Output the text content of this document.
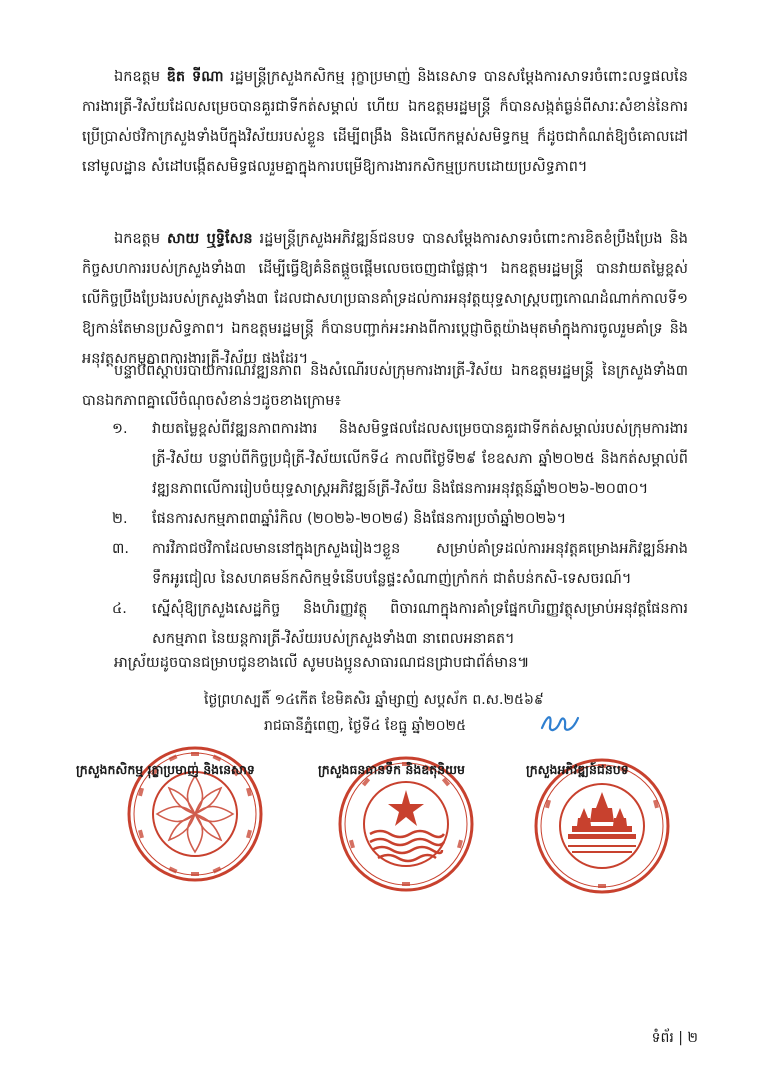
ឯកឧត្តម ឌិត ទីណា រដ្ឋមន្ត្រីក្រសួងកសិកម្ម រុក្ខាប្រមាញ់ និងនេសាទ បានសម្តែងការសាទរចំពោះលទ្ធផលនៃការងារត្រី-វិស័យដែលសម្រេចបានគួរជាទីកត់សម្គាល់ ហើយ ឯកឧត្តមរដ្ឋមន្ត្រី ក៏បានសង្កត់ធ្ងន់ពីសារៈសំខាន់នៃការប្រើប្រាស់ថវិកាក្រសួងទាំងបីក្នុងវិស័យរបស់ខ្លួន ដើម្បីពង្រឹង និងលើកកម្ពស់សមិទ្ធកម្ម ក៏ដូចជាកំណត់ឱ្យចំគោលដៅនៅមូលដ្ឋាន សំដៅបង្កើតសមិទ្ធផលរួមគ្នាក្នុងការបម្រើឱ្យការងារកសិកម្មប្រកបដោយប្រសិទ្ធភាព។

ឯកឧត្តម សាយ ឬទ្ធិសែន រដ្ឋមន្ត្រីក្រសួងអភិវឌ្ឍន៍ជនបទ បានសម្តែងការសាទរចំពោះការខិតខំប្រឹងប្រែង និងកិច្ចសហការរបស់ក្រសួងទាំង៣ ដើម្បីធ្វើឱ្យគំនិតផ្តួចផ្តើមលេចចេញជាផ្លែផ្កា។ ឯកឧត្តមរដ្ឋមន្ត្រី បានវាយតម្លៃខ្ពស់លើកិច្ចប្រឹងប្រែងរបស់ក្រសួងទាំង៣ ដែលជាសហប្រធានគាំទ្រដល់ការអនុវត្តយុទ្ធសាស្ត្របញ្ចកោណដំណាក់កាលទី១ ឱ្យកាន់តែមានប្រសិទ្ធភាព។ ឯកឧត្តមរដ្ឋមន្ត្រី ក៏បានបញ្ជាក់អះអាងពីការប្តេជ្ញាចិត្តយ៉ាងមុតមាំក្នុងការចូលរួមគាំទ្រ និងអនុវត្តសកម្មភាពការងារត្រី-វិស័យ ផងដែរ។

បន្ទាប់ពីស្តាប់របាយការណ៍វឌ្ឍនភាព និងសំណើរបស់ក្រុមការងារត្រី-វិស័យ ឯកឧត្តមរដ្ឋមន្ត្រី នៃក្រសួងទាំង៣ បានឯកភាពគ្នាលើចំណុចសំខាន់ៗដូចខាងក្រោម៖

១. វាយតម្លៃខ្ពស់ពីវឌ្ឍនភាពការងារ និងសមិទ្ធផលដែលសម្រេចបានគួរជាទីកត់សម្គាល់របស់ក្រុមការងារត្រី-វិស័យ បន្ទាប់ពីកិច្ចប្រជុំត្រី-វិស័យលើកទី៤ កាលពីថ្ងៃទី២៩ ខែឧសភា ឆ្នាំ២០២៥ និងកត់សម្គាល់ពីវឌ្ឍនភាពលើការរៀបចំយុទ្ធសាស្ត្រអភិវឌ្ឍន៍ត្រី-វិស័យ និងផែនការអនុវត្តន៍ឆ្នាំ២០២៦-២០៣០។
២. ផែនការសកម្មភាព៣ឆ្នាំរំកិល (២០២៦-២០២៨) និងផែនការប្រចាំឆ្នាំ២០២៦។
៣. ការវិភាជថវិកាដែលមាននៅក្នុងក្រសួងរៀងៗខ្លួន សម្រាប់គាំទ្រដល់ការអនុវត្តគម្រោងអភិវឌ្ឍន៍អាងទឹកអូរជៀល នៃសហគមន៍កសិកម្មទំនើបបន្លែផ្ទះសំណាញ់ក្រាំកក់ ជាតំបន់កសិ-ទេសចរណ៍។
៤. ស្នើសុំឱ្យក្រសួងសេដ្ឋកិច្ច និងហិរញ្ញវត្ថុ ពិចារណាក្នុងការគាំទ្រផ្នែកហិរញ្ញវត្ថុសម្រាប់អនុវត្តផែនការសកម្មភាព នៃយន្តការត្រី-វិស័យរបស់ក្រសួងទាំង៣ នាពេលអនាគត។
អាស្រ័យដូចបានជម្រាបជូនខាងលើ សូមបងប្អូនសាធារណជនជ្រាបជាព័ត៌មាន៕
ថ្ងៃព្រហស្បតិ៍ ១៤កើត ខែមិគសិរ ឆ្នាំម្សាញ់ សប្តស័ក ព.ស.២៥៦៩
រាជធានីភ្នំពេញ, ថ្ងៃទី៤ ខែធ្នូ ឆ្នាំ២០២៥
ក្រសួងកសិកម្ម រុក្ខាប្រមាញ់ និងនេសាទ	ក្រសួងធនធានទឹក និងឧតុនិយម	ក្រសួងអភិវឌ្ឍន៍ជនបទ
ទំព័រ | ២
